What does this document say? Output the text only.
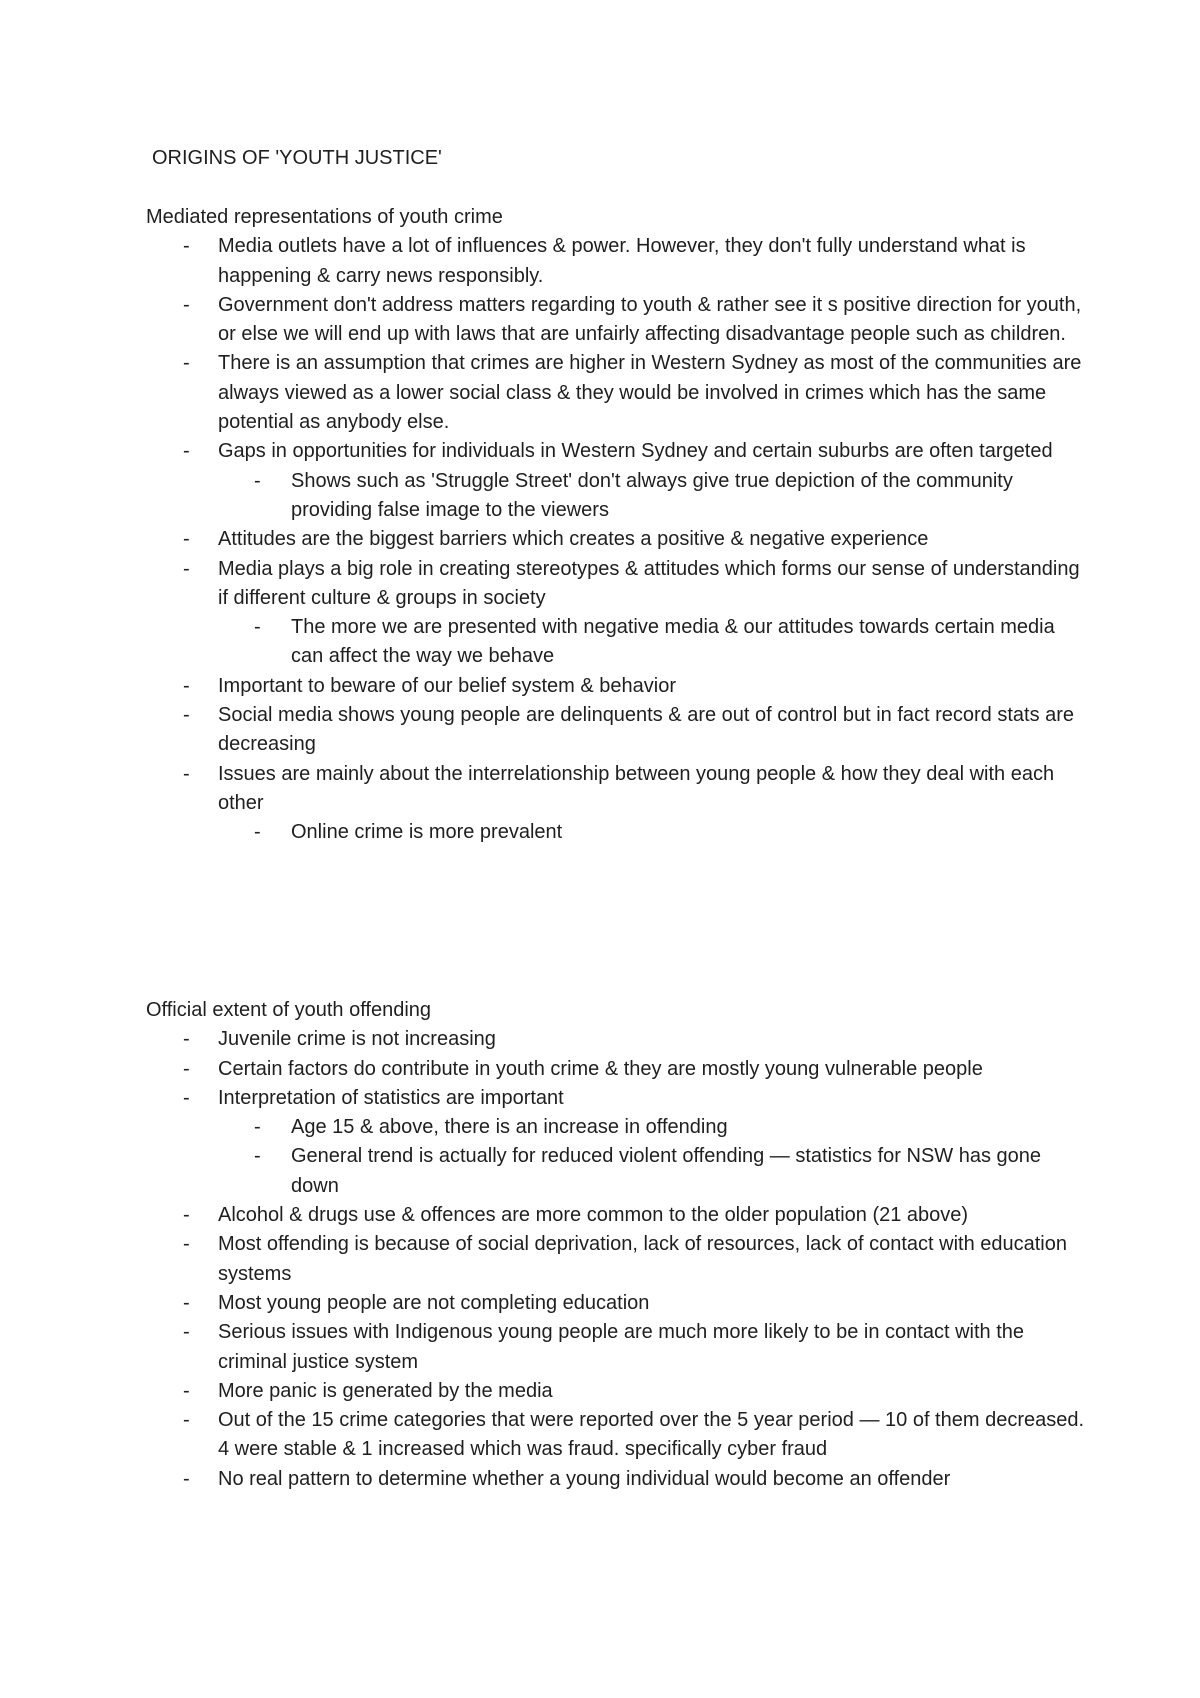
ORIGINS OF 'YOUTH JUSTICE'

Mediated representations of youth crime

- Media outlets have a lot of influences & power. However, they don't fully understand what is happening & carry news responsibly.
- Government don't address matters regarding to youth & rather see it s positive direction for youth, or else we will end up with laws that are unfairly affecting disadvantage people such as children.
- There is an assumption that crimes are higher in Western Sydney as most of the communities are always viewed as a lower social class & they would be involved in crimes which has the same potential as anybody else.
- Gaps in opportunities for individuals in Western Sydney and certain suburbs are often targeted
- Shows such as 'Struggle Street' don't always give true depiction of the community providing false image to the viewers
- Attitudes are the biggest barriers which creates a positive & negative experience
- Media plays a big role in creating stereotypes & attitudes which forms our sense of understanding if different culture & groups in society
- The more we are presented with negative media & our attitudes towards certain media can affect the way we behave
- Important to beware of our belief system & behavior
- Social media shows young people are delinquents & are out of control but in fact record stats are decreasing
- Issues are mainly about the interrelationship between young people & how they deal with each other
- Online crime is more prevalent

Official extent of youth offending

- Juvenile crime is not increasing
- Certain factors do contribute in youth crime & they are mostly young vulnerable people
- Interpretation of statistics are important
- Age 15 & above, there is an increase in offending
- General trend is actually for reduced violent offending — statistics for NSW has gone down
- Alcohol & drugs use & offences are more common to the older population (21 above)
- Most offending is because of social deprivation, lack of resources, lack of contact with education systems
- Most young people are not completing education
- Serious issues with Indigenous young people are much more likely to be in contact with the criminal justice system
- More panic is generated by the media
- Out of the 15 crime categories that were reported over the 5 year period — 10 of them decreased. 4 were stable & 1 increased which was fraud. specifically cyber fraud
- No real pattern to determine whether a young individual would become an offender
